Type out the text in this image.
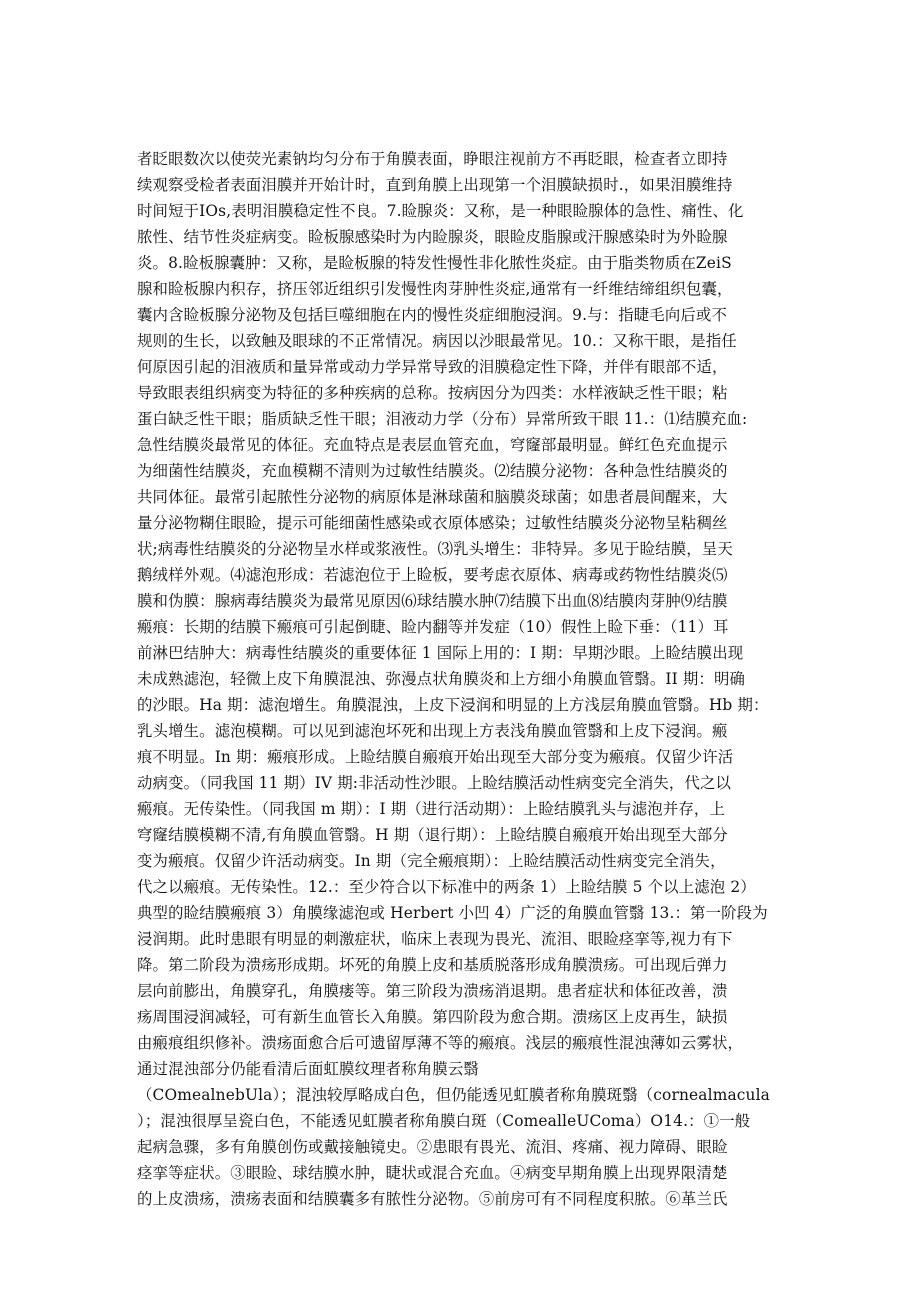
者眨眼数次以使荧光素钠均匀分布于角膜表面，睁眼注视前方不再眨眼，检查者立即持
续观察受检者表面泪膜并开始计时，直到角膜上出现第一个泪膜缺损时.，如果泪膜维持
时间短于IOs,表明泪膜稳定性不良。7.睑腺炎：又称，是一种眼睑腺体的急性、痛性、化
脓性、结节性炎症病变。睑板腺感染时为内睑腺炎，眼睑皮脂腺或汗腺感染时为外睑腺
炎。8.睑板腺囊肿：又称，是睑板腺的特发性慢性非化脓性炎症。由于脂类物质在ZeiS
腺和睑板腺内积存，挤压邻近组织引发慢性肉芽肿性炎症,通常有一纤维结缔组织包囊，
囊内含睑板腺分泌物及包括巨噬细胞在内的慢性炎症细胞浸润。9.与：指睫毛向后或不
规则的生长，以致触及眼球的不正常情况。病因以沙眼最常见。10.：又称干眼，是指任
何原因引起的泪液质和量异常或动力学异常导致的泪膜稳定性下降，并伴有眼部不适，
导致眼表组织病变为特征的多种疾病的总称。按病因分为四类：水样液缺乏性干眼；粘
蛋白缺乏性干眼；脂质缺乏性干眼；泪液动力学（分布）异常所致干眼 11.：⑴结膜充血:
急性结膜炎最常见的体征。充血特点是表层血管充血，穹窿部最明显。鲜红色充血提示
为细菌性结膜炎，充血模糊不清则为过敏性结膜炎。⑵结膜分泌物：各种急性结膜炎的
共同体征。最常引起脓性分泌物的病原体是淋球菌和脑膜炎球菌；如患者晨间醒来，大
量分泌物糊住眼睑，提示可能细菌性感染或衣原体感染；过敏性结膜炎分泌物呈粘稠丝
状;病毒性结膜炎的分泌物呈水样或浆液性。⑶乳头增生：非特异。多见于睑结膜，呈天
鹅绒样外观。⑷滤泡形成：若滤泡位于上睑板，要考虑衣原体、病毒或药物性结膜炎⑸
膜和伪膜：腺病毒结膜炎为最常见原因⑹球结膜水肿⑺结膜下出血⑻结膜肉芽肿⑼结膜
瘢痕：长期的结膜下瘢痕可引起倒睫、睑内翻等并发症（10）假性上睑下垂：（11）耳
前淋巴结肿大：病毒性结膜炎的重要体征 1 国际上用的：I 期：早期沙眼。上睑结膜出现
未成熟滤泡，轻微上皮下角膜混浊、弥漫点状角膜炎和上方细小角膜血管翳。II 期：明确
的沙眼。Ha 期：滤泡增生。角膜混浊，上皮下浸润和明显的上方浅层角膜血管翳。Hb 期：
乳头增生。滤泡模糊。可以见到滤泡坏死和出现上方表浅角膜血管翳和上皮下浸润。瘢
痕不明显。In 期：瘢痕形成。上睑结膜自瘢痕开始出现至大部分变为瘢痕。仅留少许活
动病变。（同我国 11 期）IV 期:非活动性沙眼。上睑结膜活动性病变完全消失，代之以
瘢痕。无传染性。（同我国 m 期）：I 期（进行活动期）：上睑结膜乳头与滤泡并存，上
穹窿结膜模糊不清,有角膜血管翳。H 期（退行期）：上睑结膜自瘢痕开始出现至大部分
变为瘢痕。仅留少许活动病变。In 期（完全瘢痕期）：上睑结膜活动性病变完全消失，
代之以瘢痕。无传染性。12.：至少符合以下标准中的两条 1）上睑结膜 5 个以上滤泡 2）
典型的睑结膜瘢痕 3）角膜缘滤泡或 Herbert 小凹 4）广泛的角膜血管翳 13.：第一阶段为
浸润期。此时患眼有明显的刺激症状，临床上表现为畏光、流泪、眼睑痉挛等,视力有下
降。第二阶段为溃疡形成期。坏死的角膜上皮和基质脱落形成角膜溃疡。可出现后弹力
层向前膨出，角膜穿孔，角膜瘘等。第三阶段为溃疡消退期。患者症状和体征改善，溃
疡周围浸润减轻，可有新生血管长入角膜。第四阶段为愈合期。溃疡区上皮再生，缺损
由瘢痕组织修补。溃疡面愈合后可遗留厚薄不等的瘢痕。浅层的瘢痕性混浊薄如云雾状，
通过混浊部分仍能看清后面虹膜纹理者称角膜云翳
（COmealnebUla）；混浊较厚略成白色，但仍能透见虹膜者称角膜斑翳（cornealmacula
）；混浊很厚呈瓷白色，不能透见虹膜者称角膜白斑（ComealleUComa）O14.：①一般
起病急骤，多有角膜创伤或戴接触镜史。②患眼有畏光、流泪、疼痛、视力障碍、眼睑
痉挛等症状。③眼睑、球结膜水肿，睫状或混合充血。④病变早期角膜上出现界限清楚
的上皮溃疡，溃疡表面和结膜囊多有脓性分泌物。⑤前房可有不同程度积脓。⑥革兰氏
